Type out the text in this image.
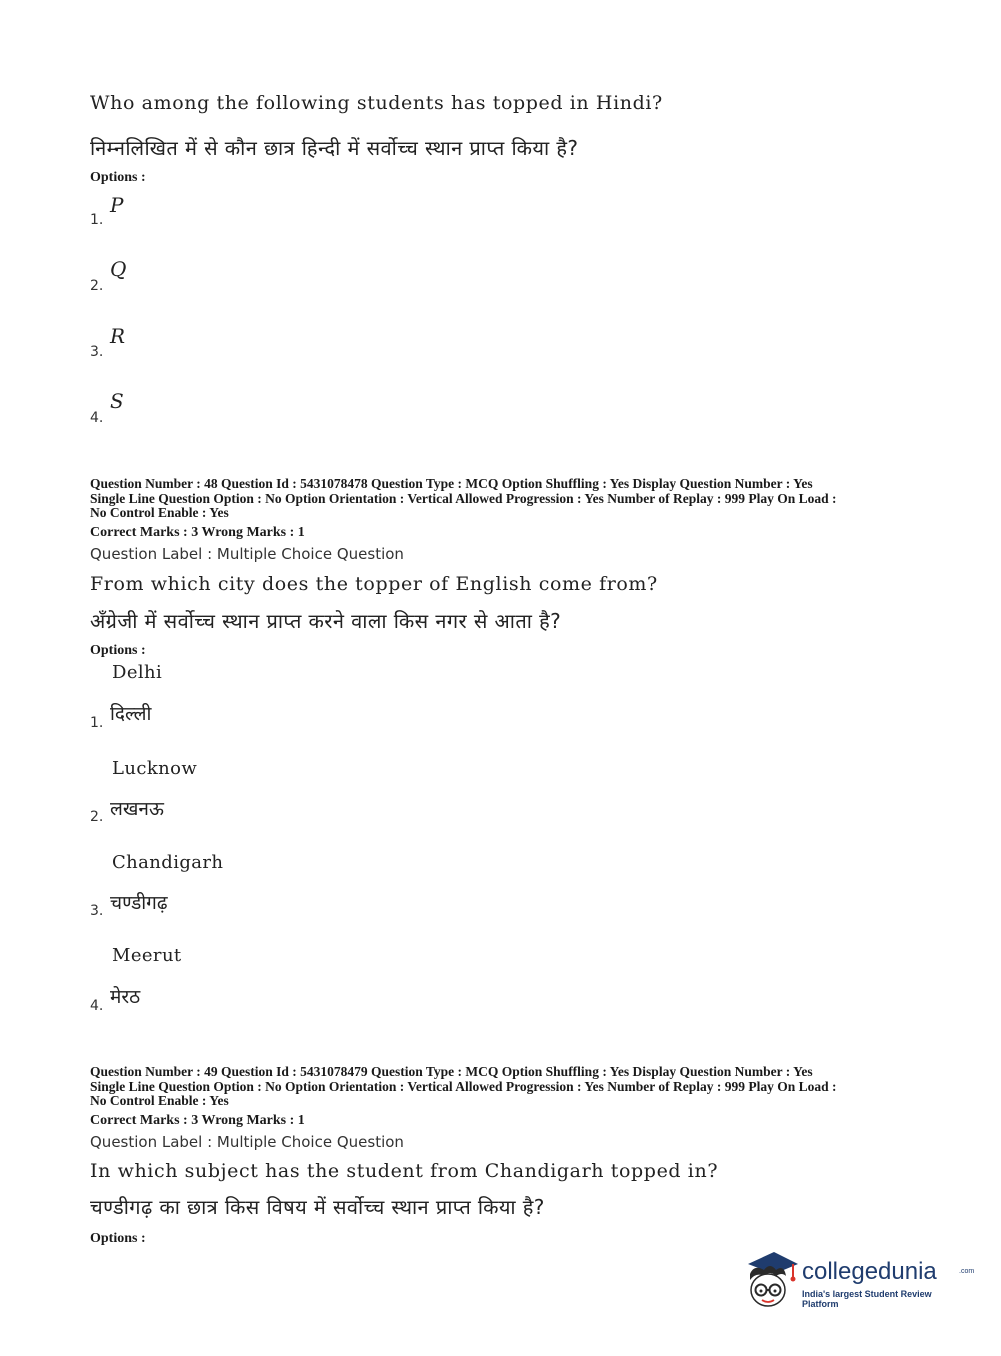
Who among the following students has topped in Hindi?
निम्नलिखित में से कौन छात्र हिन्दी में सर्वोच्च स्थान प्राप्त किया है?
Options :
1.
P
2.
Q
3.
R
4.
S
Question Number : 48 Question Id : 5431078478 Question Type : MCQ Option Shuffling : Yes Display Question Number : Yes
Single Line Question Option : No Option Orientation : Vertical Allowed Progression : Yes Number of Replay : 999 Play On Load :
No Control Enable : Yes
Correct Marks : 3 Wrong Marks : 1
Question Label : Multiple Choice Question
From which city does the topper of English come from?
अँग्रेजी में सर्वोच्च स्थान प्राप्त करने वाला किस नगर से आता है?
Options :
Delhi
1. दिल्ली
Lucknow
2. लखनऊ
Chandigarh
3. चण्डीगढ़
Meerut
4. मेरठ
Question Number : 49 Question Id : 5431078479 Question Type : MCQ Option Shuffling : Yes Display Question Number : Yes
Single Line Question Option : No Option Orientation : Vertical Allowed Progression : Yes Number of Replay : 999 Play On Load :
No Control Enable : Yes
Correct Marks : 3 Wrong Marks : 1
Question Label : Multiple Choice Question
In which subject has the student from Chandigarh topped in?
चण्डीगढ़ का छात्र किस विषय में सर्वोच्च स्थान प्राप्त किया है?
Options :
collegedunia	.com
India's largest Student Review Platform
